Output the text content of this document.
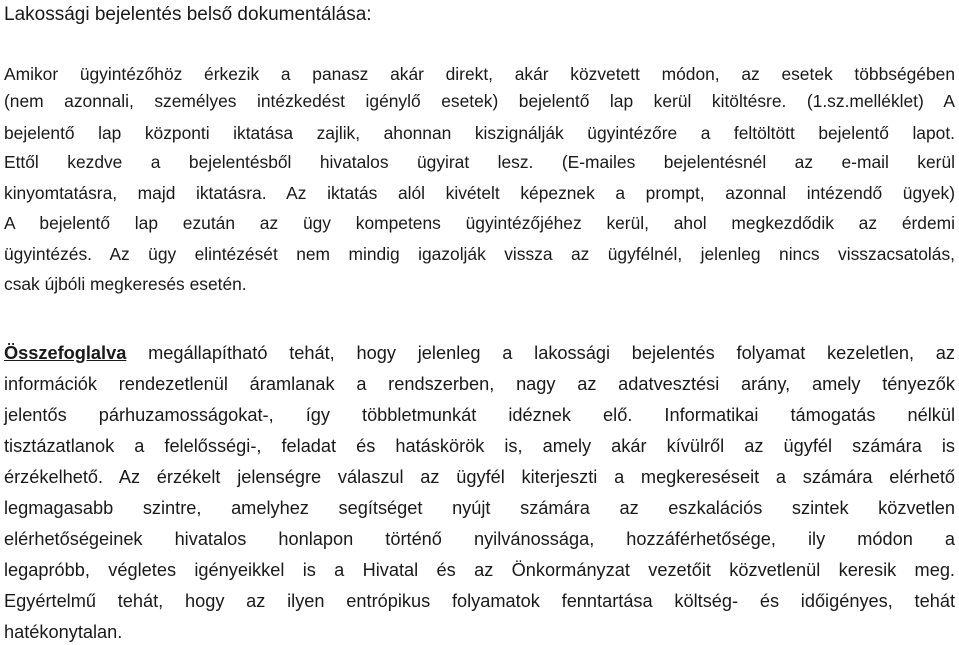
Lakossági bejelentés belső dokumentálása:
Amikor ügyintézőhöz érkezik a panasz akár direkt, akár közvetett módon, az esetek többségében
(nem azonnali, személyes intézkedést igénylő esetek) bejelentő lap kerül kitöltésre. (1.sz.melléklet) A
bejelentő lap központi iktatása zajlik, ahonnan kiszignálják ügyintézőre a feltöltött bejelentő lapot.
Ettől kezdve a bejelentésből hivatalos ügyirat lesz. (E-mailes bejelentésnél az e-mail kerül
kinyomtatásra, majd iktatásra. Az iktatás alól kivételt képeznek a prompt, azonnal intézendő ügyek)
A bejelentő lap ezután az ügy kompetens ügyintézőjéhez kerül, ahol megkezdődik az érdemi
ügyintézés. Az ügy elintézését nem mindig igazolják vissza az ügyfélnél, jelenleg nincs visszacsatolás,
csak újbóli megkeresés esetén.
Összefoglalva megállapítható tehát, hogy jelenleg a lakossági bejelentés folyamat kezeletlen, az
információk rendezetlenül áramlanak a rendszerben, nagy az adatvesztési arány, amely tényezők
jelentős párhuzamosságokat-, így többletmunkát idéznek elő. Informatikai támogatás nélkül
tisztázatlanok a felelősségi-, feladat és hatáskörök is, amely akár kívülről az ügyfél számára is
érzékelhető. Az érzékelt jelenségre válaszul az ügyfél kiterjeszti a megkereséseit a számára elérhető
legmagasabb szintre, amelyhez segítséget nyújt számára az eszkalációs szintek közvetlen
elérhetőségeinek hivatalos honlapon történő nyilvánossága, hozzáférhetősége, ily módon a
legapróbb, végletes igényeikkel is a Hivatal és az Önkormányzat vezetőit közvetlenül keresik meg.
Egyértelmű tehát, hogy az ilyen entrópikus folyamatok fenntartása költség- és időigényes, tehát
hatékonytalan.
